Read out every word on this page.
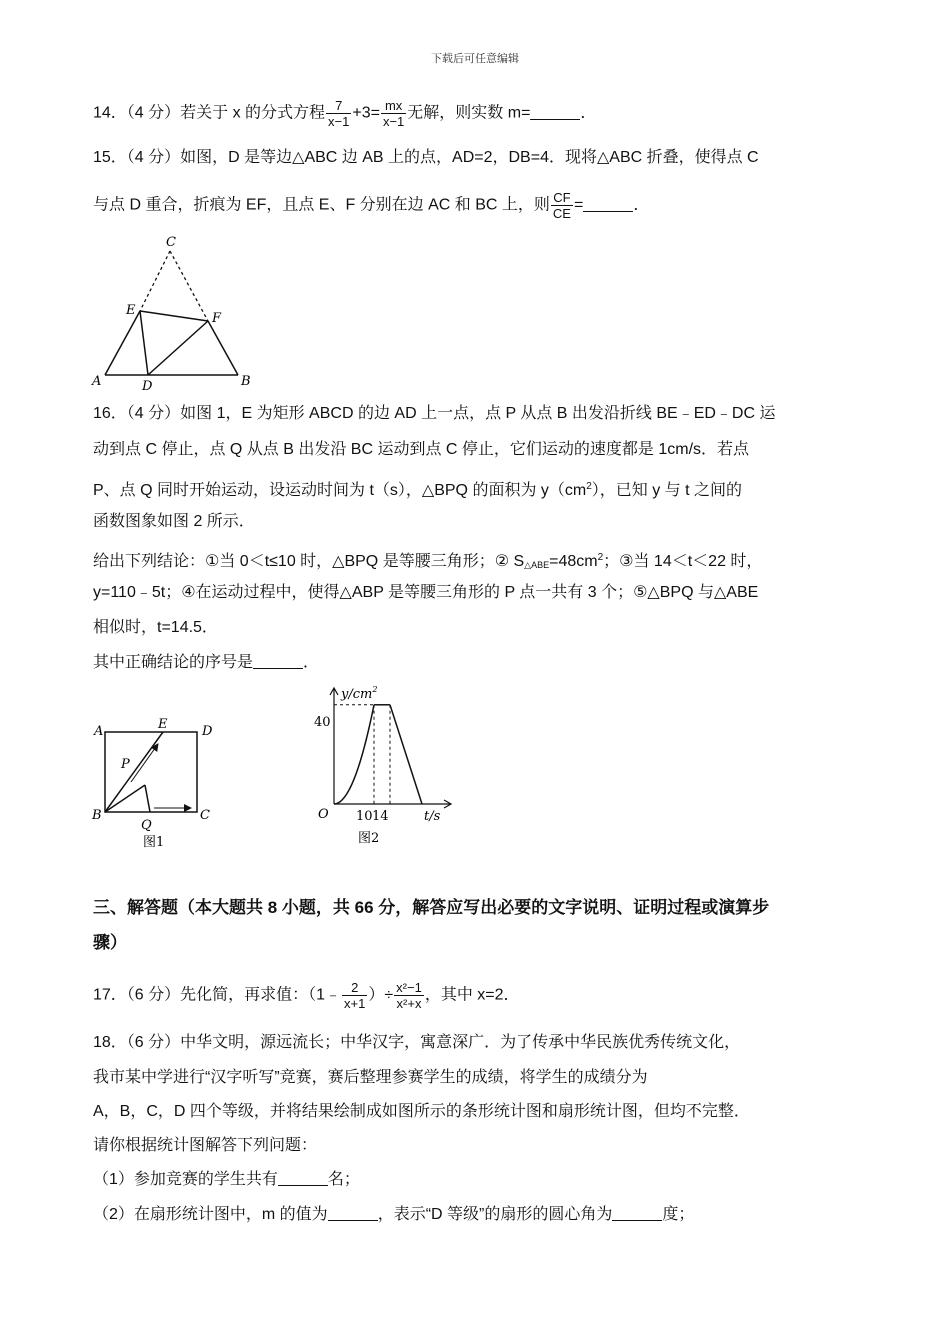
下载后可任意编辑
14．（4 分）若关于 x 的分式方程 $\frac{7}{x-1} +3= \frac{mx}{x-1}$ 无解，则实数 m=	．
15．（4 分）如图，D 是等边△ABC 边 AB 上的点，AD=2，DB=4．现将△ABC 折叠，使得点 C
与点 D 重合，折痕为 EF，且点 E、F 分别在边 AC 和 BC 上，则 $\frac{CF}{CE}$ =	．
C
E
F
A	D	B
16．（4 分）如图 1，E 为矩形 ABCD 的边 AD 上一点，点 P 从点 B 出发沿折线 BE﹣ED﹣DC 运
动到点 C 停止，点 Q 从点 B 出发沿 BC 运动到点 C 停止，它们运动的速度都是 1cm/s．若点
P、点 Q 同时开始运动，设运动时间为 t（s），△BPQ 的面积为 $y(cm^2)$，已知 y 与 t 之间的
函数图象如图 2 所示．
给出下列结论：①当 0＜t≤10 时，△BPQ 是等腰三角形；② $S_{\triangle ABE}=48cm^2$；③当 14＜t＜22 时，
y=110﹣5t；④在运动过程中，使得△ABP 是等腰三角形的 P 点一共有 3 个；⑤△BPQ 与△ABE
相似时，t=14.5．
其中正确结论的序号是	．
A	E	D
P
B
Q
C
图1
$y/cm^2$
40
O 10 14	t/s
图2
三、解答题（本大题共 8 小题，共 66 分，解答应写出必要的文字说明、证明过程或演算步
骤）
17．（6 分）先化简，再求值：（1﹣ $\frac{2}{x+1}$ ）÷ $\frac{\text{x²−1}}{\text{x²+x}}$ ，其中 x=2．
18．（6 分）中华文明，源远流长；中华汉字，寓意深广．为了传承中华民族优秀传统文化，
我市某中学进行“汉字听写”竞赛，赛后整理参赛学生的成绩，将学生的成绩分为
A，B，C，D 四个等级，并将结果绘制成如图所示的条形统计图和扇形统计图，但均不完整．
请你根据统计图解答下列问题：
（1）参加竞赛的学生共有	名；
（2）在扇形统计图中，m 的值为	，表示“D 等级”的扇形的圆心角为	度；
